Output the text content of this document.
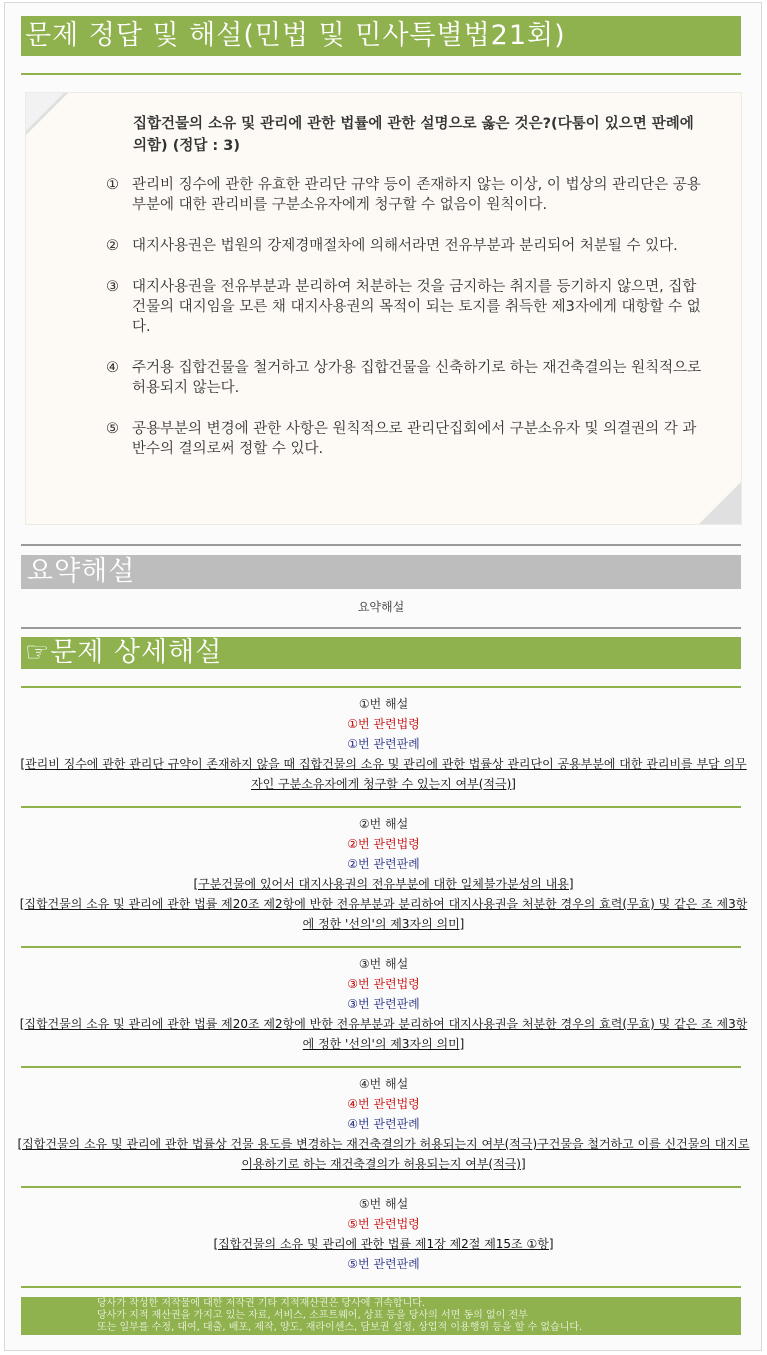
문제 정답 및 해설(민법 및 민사특별법21회)
집합건물의 소유 및 관리에 관한 법률에 관한 설명으로 옳은 것은?(다툼이 있으면 판례에 의함) (정답 : 3)
① 관리비 징수에 관한 유효한 관리단 규약 등이 존재하지 않는 이상, 이 법상의 관리단은 공용부분에 대한 관리비를 구분소유자에게 청구할 수 없음이 원칙이다.
② 대지사용권은 법원의 강제경매절차에 의해서라면 전유부분과 분리되어 처분될 수 있다.
③ 대지사용권을 전유부분과 분리하여 처분하는 것을 금지하는 취지를 등기하지 않으면, 집합건물의 대지임을 모른 채 대지사용권의 목적이 되는 토지를 취득한 제3자에게 대항할 수 없다.
④ 주거용 집합건물을 철거하고 상가용 집합건물을 신축하기로 하는 재건축결의는 원칙적으로 허용되지 않는다.
⑤ 공용부분의 변경에 관한 사항은 원칙적으로 관리단집회에서 구분소유자 및 의결권의 각 과반수의 결의로써 정할 수 있다.
요약해설
요약해설
☞문제 상세해설
①번 해설
①번 관련법령
①번 관련판례
[관리비 징수에 관한 관리단 규약이 존재하지 않을 때 집합건물의 소유 및 관리에 관한 법률상 관리단이 공용부분에 대한 관리비를 부담 의무자인 구분소유자에게 청구할 수 있는지 여부(적극)]
②번 해설
②번 관련법령
②번 관련판례
[구분건물에 있어서 대지사용권의 전유부분에 대한 일체불가분성의 내용]
[집합건물의 소유 및 관리에 관한 법률 제20조 제2항에 반한 전유부분과 분리하여 대지사용권을 처분한 경우의 효력(무효) 및 같은 조 제3항에 정한 '선의'의 제3자의 의미]
③번 해설
③번 관련법령
③번 관련판례
[집합건물의 소유 및 관리에 관한 법률 제20조 제2항에 반한 전유부분과 분리하여 대지사용권을 처분한 경우의 효력(무효) 및 같은 조 제3항에 정한 '선의'의 제3자의 의미]
④번 해설
④번 관련법령
④번 관련판례
[집합건물의 소유 및 관리에 관한 법률상 건물 용도를 변경하는 재건축결의가 허용되는지 여부(적극)구건물을 철거하고 이를 신건물의 대지로 이용하기로 하는 재건축결의가 허용되는지 여부(적극)]
⑤번 해설
⑤번 관련법령
[집합건물의 소유 및 관리에 관한 법률 제1장 제2절 제15조 ①항]
⑤번 관련판례
당사가 작성한 저작물에 대한 저작권 기타 지적재산권은 당사에 귀속합니다.
당사가 지적 재산권을 가지고 있는 자료, 서비스, 소프트웨어, 상표 등을 당사의 서면 동의 없이 전부
또는 일부를 수정, 대여, 대출, 배포, 제작, 양도, 재라이센스, 담보권 설정, 상업적 이용행위 등을 할 수 없습니다.
